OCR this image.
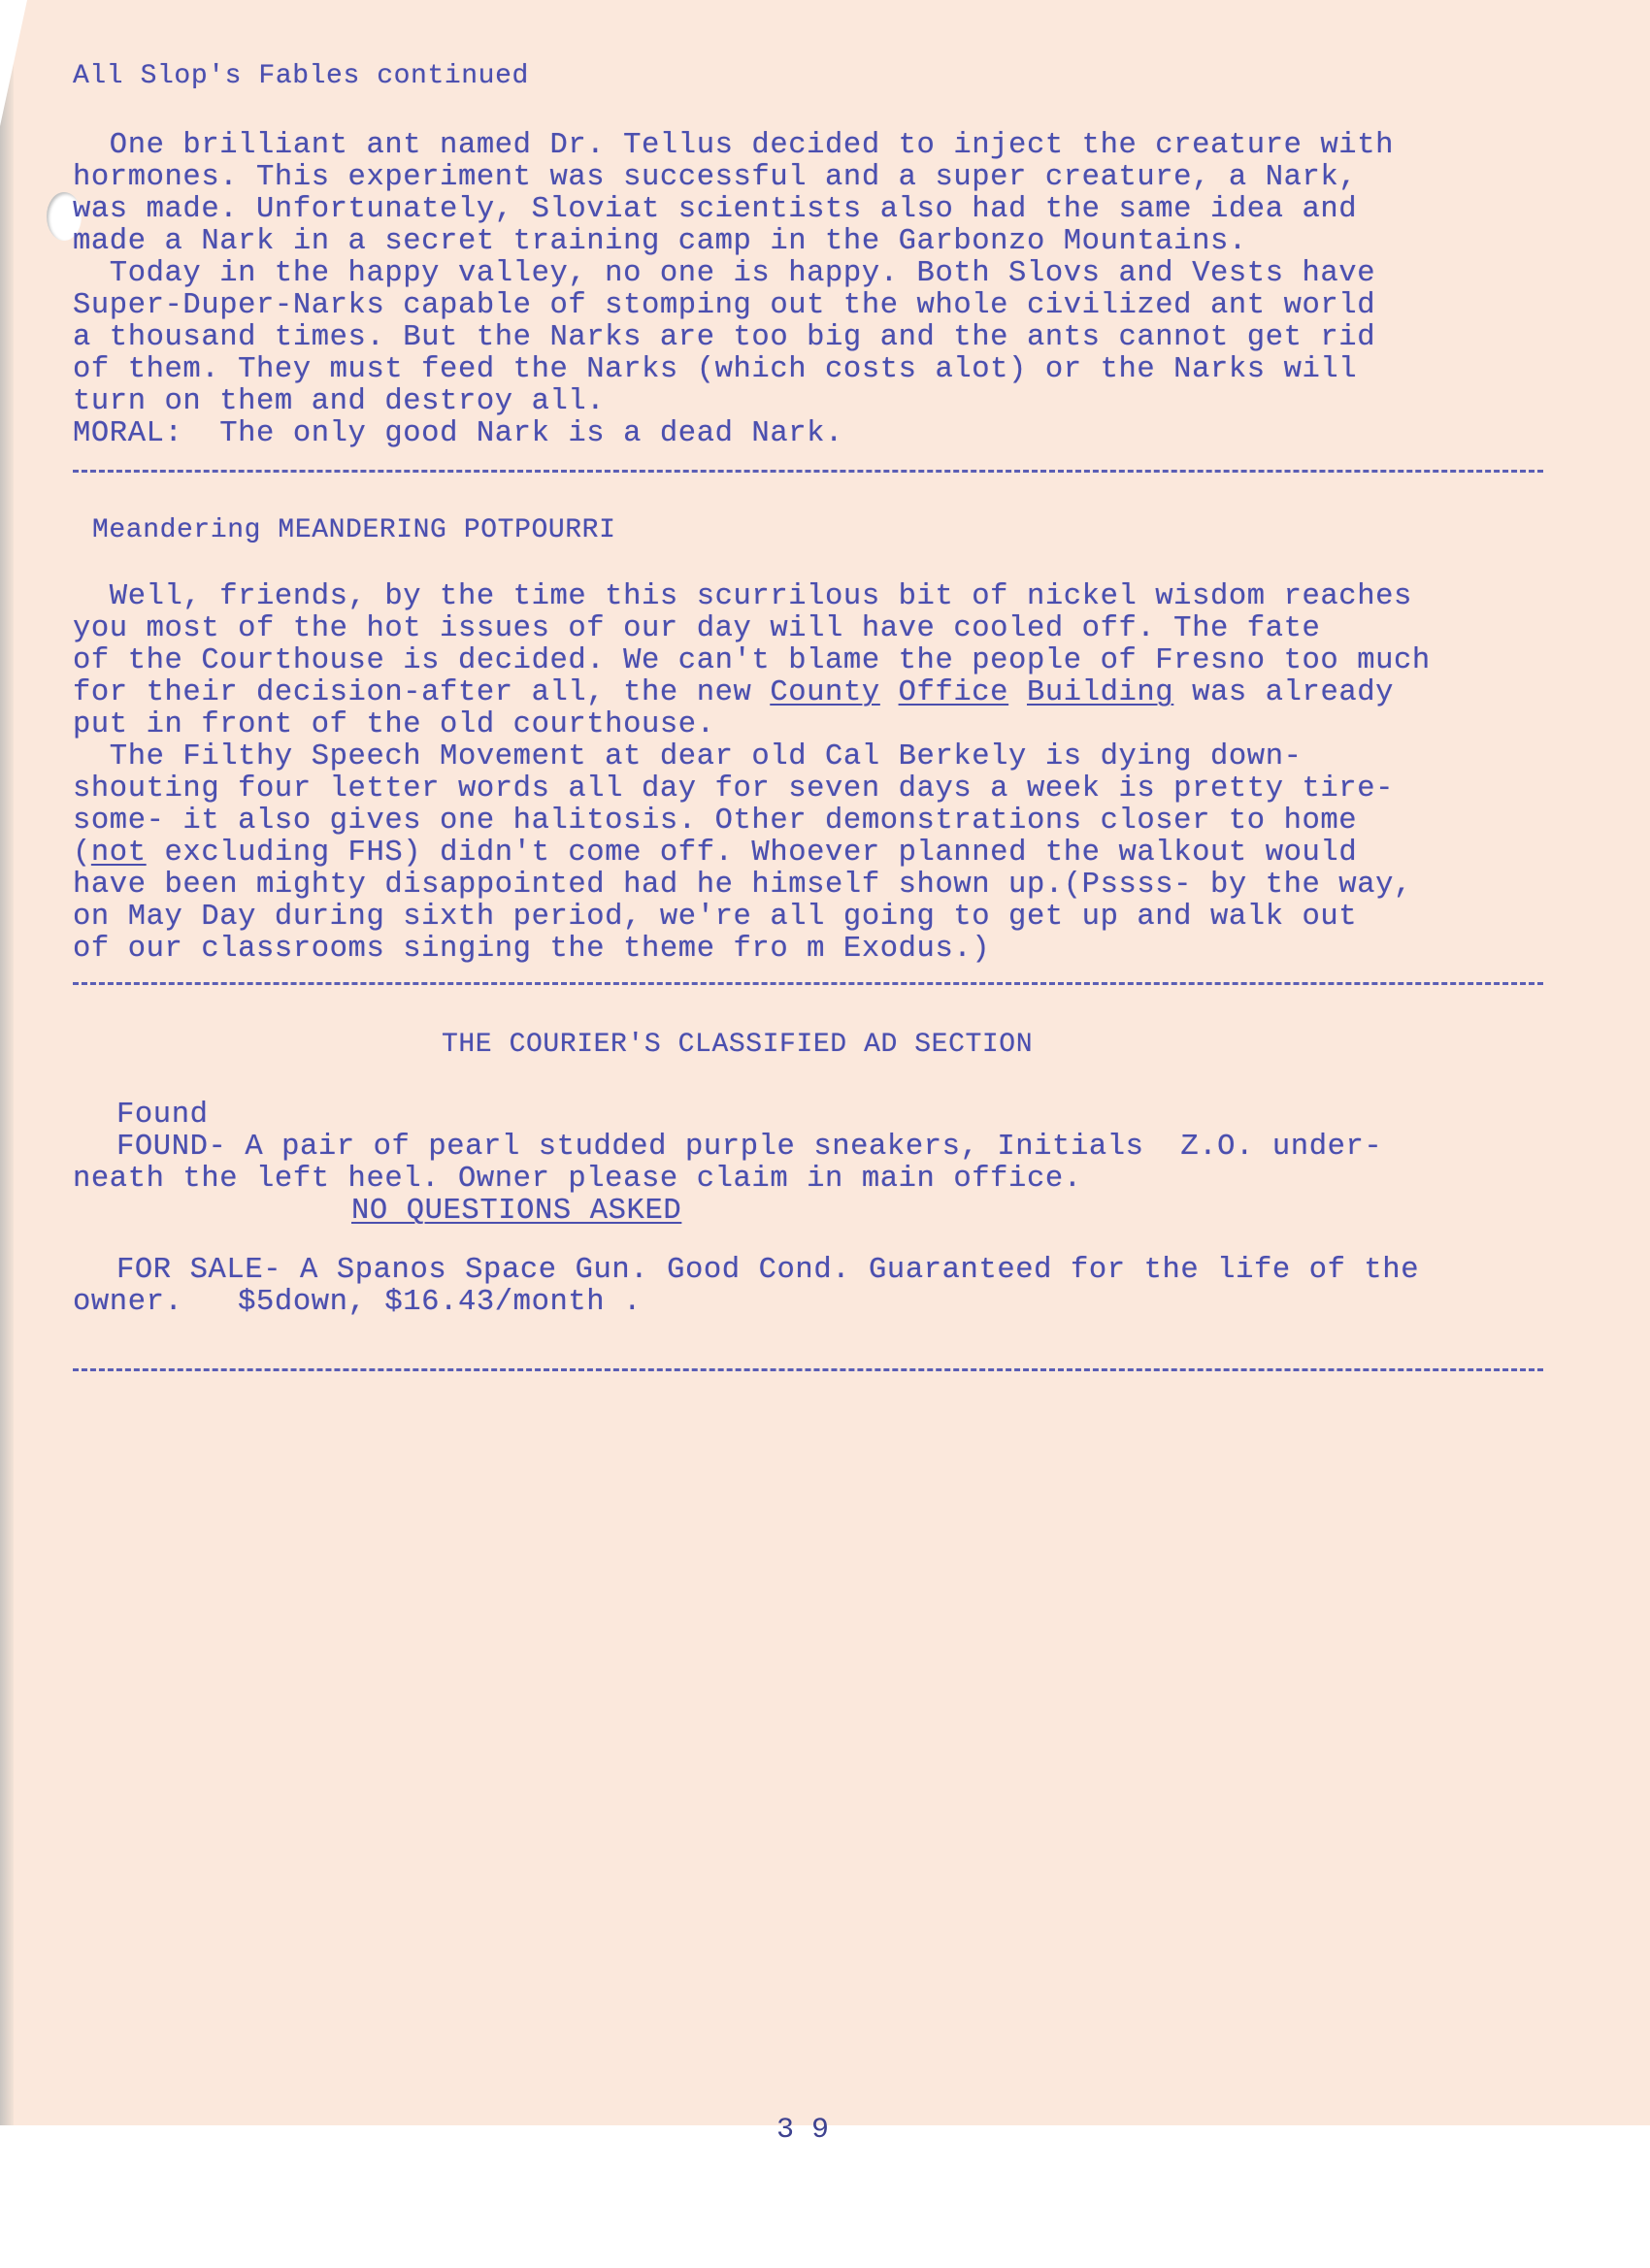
All Slop's Fables continued
One brilliant ant named Dr. Tellus decided to inject the creature with
hormones. This experiment was successful and a super creature, a Nark,
was made. Unfortunately, Sloviat scientists also had the same idea and
made a Nark in a secret training camp in the Garbonzo Mountains.
Today in the happy valley, no one is happy. Both Slovs and Vests have
Super-Duper-Narks capable of stomping out the whole civilized ant world
a thousand times. But the Narks are too big and the ants cannot get rid
of them. They must feed the Narks (which costs alot) or the Narks will
turn on them and destroy all.
MORAL:  The only good Nark is a dead Nark.
Meandering MEANDERING POTPOURRI
Well, friends, by the time this scurrilous bit of nickel wisdom reaches
you most of the hot issues of our day will have cooled off. The fate
of the Courthouse is decided. We can't blame the people of Fresno too much
for their decision-after all, the new County Office Building was already
put in front of the old courthouse.
The Filthy Speech Movement at dear old Cal Berkely is dying down-
shouting four letter words all day for seven days a week is pretty tire-
some- it also gives one halitosis. Other demonstrations closer to home
(not excluding FHS) didn't come off. Whoever planned the walkout would
have been mighty disappointed had he himself shown up.(Pssss- by the way,
on May Day during sixth period, we're all going to get up and walk out
of our classrooms singing the theme fro m Exodus.)
THE COURIER'S CLASSIFIED AD SECTION
Found
FOUND- A pair of pearl studded purple sneakers, Initials  Z.O. under-
neath the left heel. Owner please claim in main office.
NO QUESTIONS ASKED
FOR SALE- A Spanos Space Gun. Good Cond. Guaranteed for the life of the
owner.   $5down, $16.43/month .
3 9
